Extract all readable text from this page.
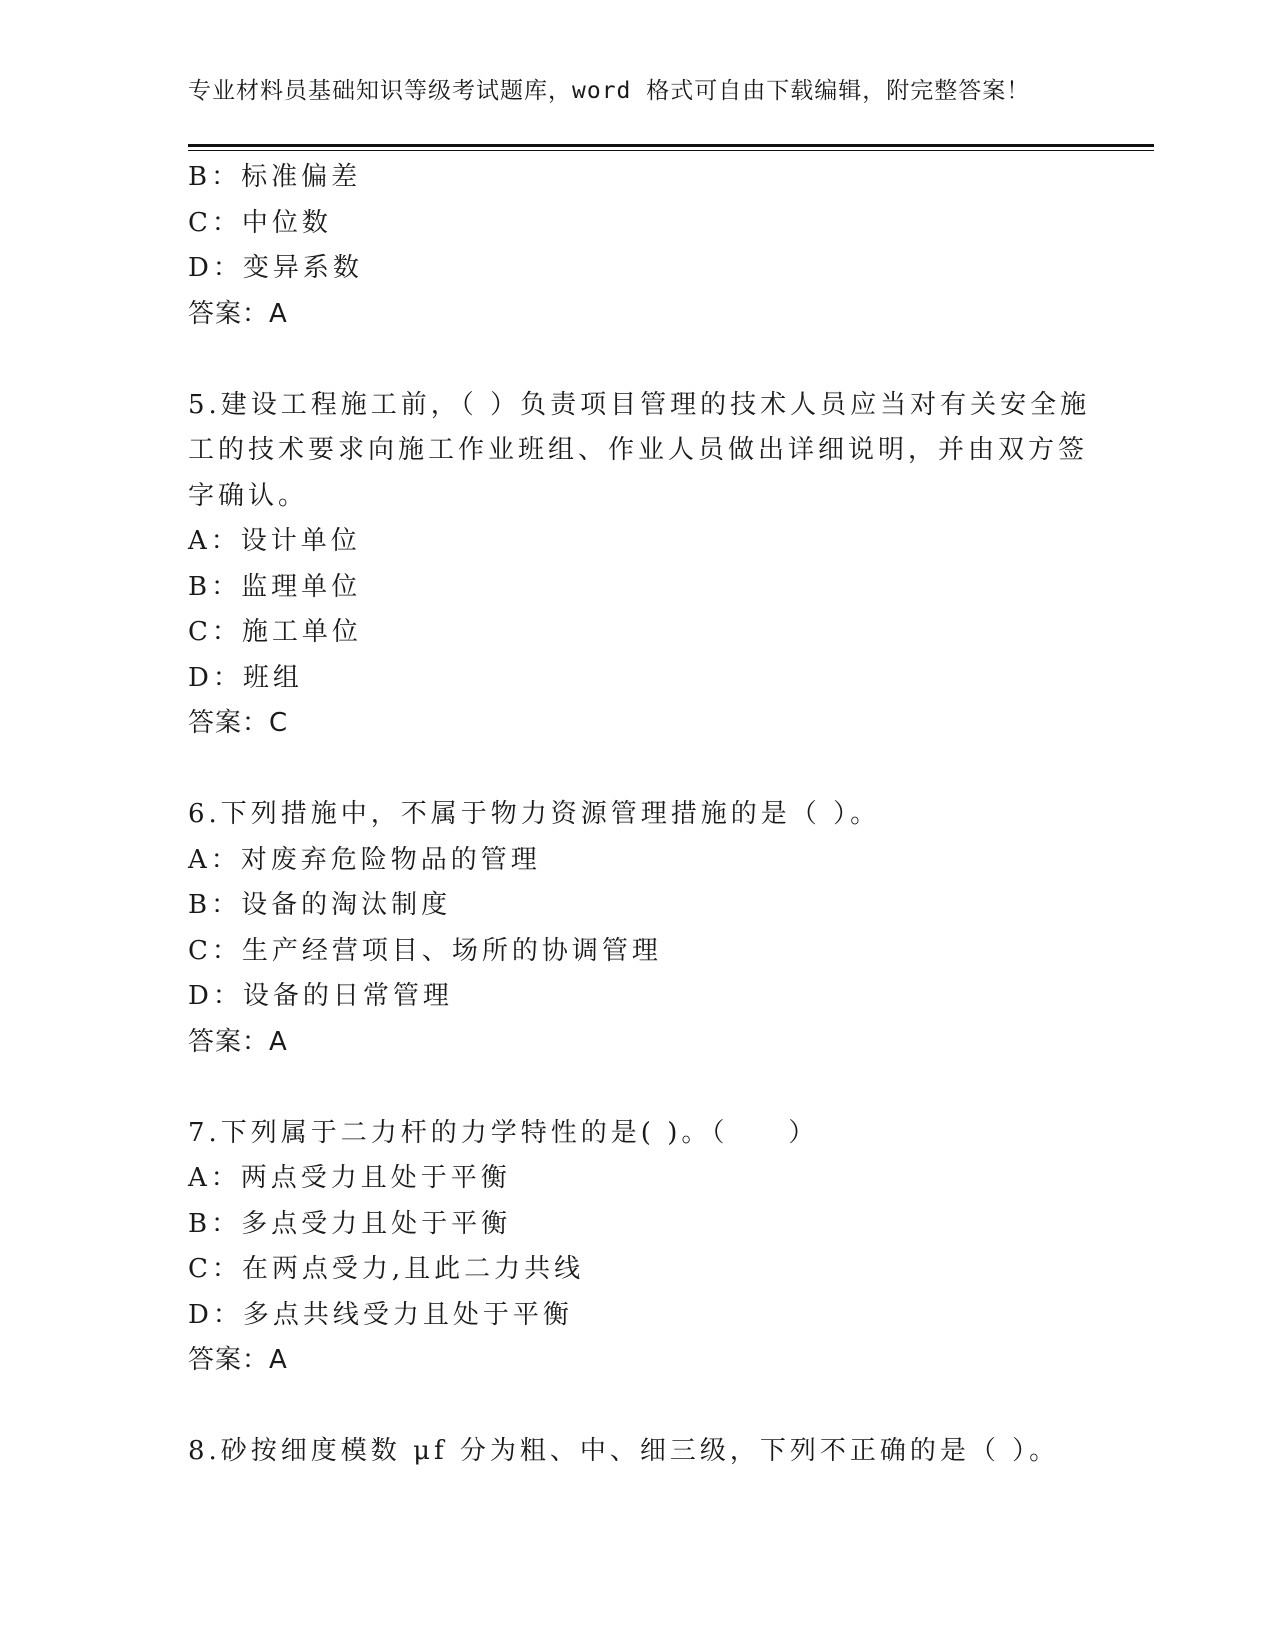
专业材料员基础知识等级考试题库，word 格式可自由下载编辑，附完整答案！
B：标准偏差
C：中位数
D：变异系数
答案：A
5.建设工程施工前，（ ）负责项目管理的技术人员应当对有关安全施
工的技术要求向施工作业班组、作业人员做出详细说明，并由双方签
字确认。
A：设计单位
B：监理单位
C：施工单位
D：班组
答案：C
6.下列措施中，不属于物力资源管理措施的是（ ）。
A：对废弃危险物品的管理
B：设备的淘汰制度
C：生产经营项目、场所的协调管理
D：设备的日常管理
答案：A
7.下列属于二力杆的力学特性的是( )。（　　）
A：两点受力且处于平衡
B：多点受力且处于平衡
C：在两点受力,且此二力共线
D：多点共线受力且处于平衡
答案：A
8.砂按细度模数 μf 分为粗、中、细三级，下列不正确的是（ ）。
